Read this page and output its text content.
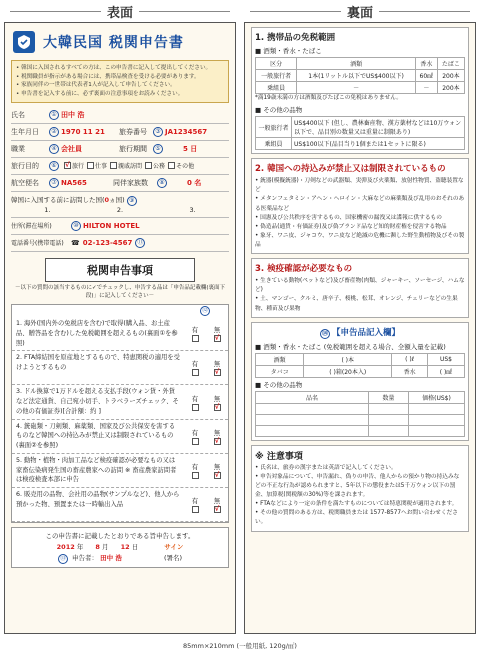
表面	裏面
大韓民国 税関申告書
• 韓国に入国されるすべての方は、この申告書に記入して提出してください。
• 税関職員が指示がある場合には、携帯品検査を受ける必要があります。
• 家族同伴の一世帯は代表者1人が記入して申告してください。
• 申告書を記入する前に、必ず裏面の注意事項をお読みください。
氏名	① 田中 浩
生年月日	② 1970 11 21	旅券番号	③ JA1234567
職業	④ 会社員	旅行期間	⑤	5 日
旅行目的	⑥	√ 旅行 仕事 親戚訪問 公務 その他
航空便名	⑦ NA565	同伴家族数	⑧	0 名
韓国に入国する前に訪問した国(0ヵ国) ⑨
1.	2.	3.
住所(滞在場所)	⑩ HILTON HOTEL
電話番号(携帯電話)	☎ 02-123-4567 ⑪
税関申告事項
－以下の質問の該当するものに✓でチェックし、申告する品は「申告品記載欄(裏面下段)」に記入してください－
⑫
1. 海外(国内外の免税店を含む)で取得(購入品、お土産品、贈答品を含む)した免税範囲を超えるもの(裏面①を参照)
有 無
√
2. FTA締結国を原産地とするもので、特恵関税の適用を受けようとするもの	有 無
√
3. ドル換算で1万ドルを超える支払手段(ウォン貨・外貨など法定通貨、自己宛小切手、トラベラーズチェック、その他の有価証券)[合計額：約 ]
有 無
√
4. 銃砲類・刀剣類、麻薬類、国家及び公共保安を害するものなど韓国への持込みが禁止又は制限されているもの(裏面②を参照)
有 無
√
5. 動物・植物・肉加工品など検疫確認が必要なもの又は家畜伝染病発生国の畜産農家への訪問 ※ 畜産農家訪問者は検疫検査本部に申告
有 無
√
6. 販売用の品物、会社用の品物(サンプルなど)、他人から預かった物、預置または一時輸出入品	有 無
√
この申告書に記載したとおりである旨申告します。
2012 年 8 月 12 日	サイン
⑬ 申告者： 田中 浩	(署名)
1. 携帯品の免税範囲
■ 酒類・香水・たばこ
区分	酒類	香水	たばこ
一般旅行者	1本(1リットル以下でUS$400以下)	60㎖	200本
乗組員	－	－	200本
*満19歳未満の方は酒類及びたばこの免税はありません。
■ その他の品物
一般旅行者	US$400以下 (但し、農林畜産物、漢方薬材などは10万ウォン以下で、品目別の数量又は重量に制限あり)
乗組員	US$100以下(品目当り1個または1セットに限る)
2. 韓国への持込みが禁止又は制限されているもの
• 銃器(模擬銃器)・刀剣などの武器類、実弾及び火薬類、放射性物質、盗聴装置など
• メタンフェタミン・アヘン・ヘロイン・大麻などの麻薬類及び乱用のおそれのある医薬品など
• 国憲及び公共秩序を害するもの、国家機密の漏洩又は諜報に供するもの
• 偽造品(通貨・有価証券)及び偽ブランド品など知的財産権を侵害する物品
• 象牙、ワニ皮、ジャコウ、ワニ皮など絶滅の危機に瀕した野生動植物及びその製品
3. 検疫確認が必要なもの
• 生きている動物(ペットなど)及び畜産物(肉類、ジャーキー、ソーセージ、ハムなど)
• 土、マンゴー、クルミ、唐辛子、桜桃、松茸、オレンジ、チェリーなどの生果物、種苗及び果物
⑭ 【申告品記入欄】
■ 酒類・香水・たばこ (免税範囲を超える場合、全額入量を記載)
酒類	( )本	( )ℓ	US$
タバコ	( )箱(20本入)	香水	( )㎖
■ その他の品物
品名	数量	価格(US$)

※ 注意事項
• 氏名は、旅券の漢字または英語で記入してください。
• 申告対象品について、申告漏れ、偽りの申告、他人からの預かり物の持込みなどの不正な行為が認められますと、5年以下の懲役または5千万ウォン以下の罰金、加算税(関税額の30%)等を課されます。
• FTAなどにより一定の条件を満たすものについては特恵関税が適用されます。
• その他の質問のある方は、税関職員または 1577-8577へお問い合わせください。
85mm×210mm (一般用紙, 120g/㎡)
